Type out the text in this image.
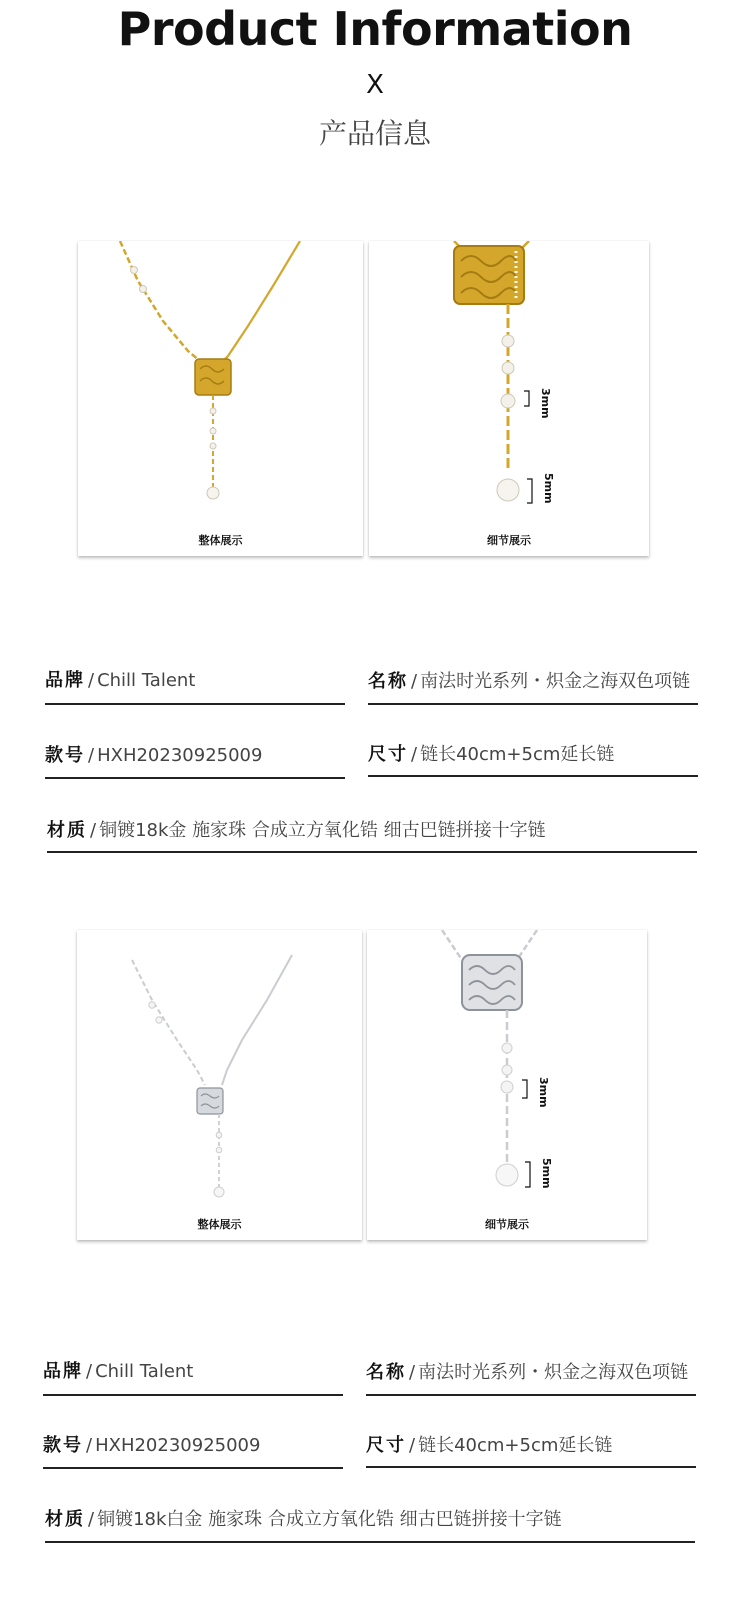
Product Information
X
产品信息
整体展示
3mm
5mm
细节展示
品牌 / Chill Talent	名称 / 南法时光系列・炽金之海双色项链
款号 / HXH20230925009	尺寸 / 链长40cm+5cm延长链
材质 / 铜镀18k金 施家珠 合成立方氧化锆 细古巴链拼接十字链
整体展示
3mm
5mm
细节展示
品牌 / Chill Talent	名称 / 南法时光系列・炽金之海双色项链
款号 / HXH20230925009	尺寸 / 链长40cm+5cm延长链
材质 / 铜镀18k白金 施家珠 合成立方氧化锆 细古巴链拼接十字链
